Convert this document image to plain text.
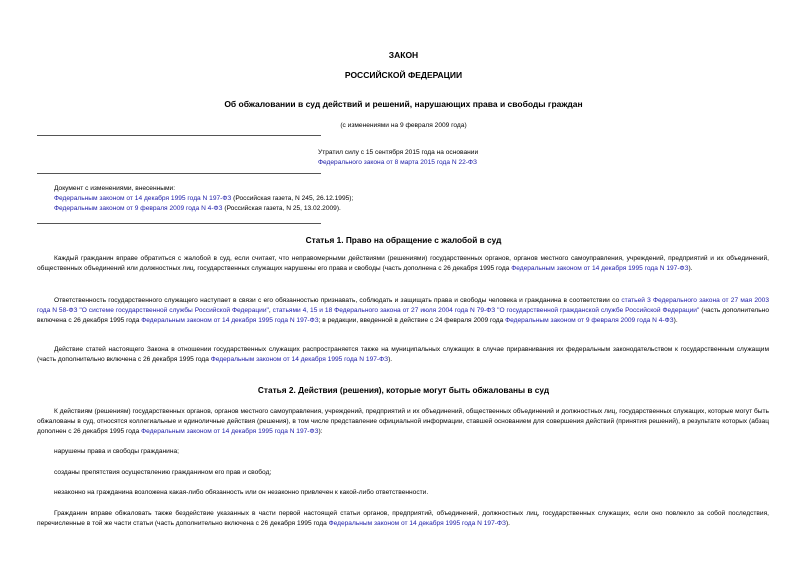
ЗАКОН
РОССИЙСКОЙ ФЕДЕРАЦИИ
Об обжаловании в суд действий и решений, нарушающих права и свободы граждан
(с изменениями на 9 февраля 2009 года)
Утратил силу с 15 сентября 2015 года на основании
Федерального закона от 8 марта 2015 года N 22-ФЗ
Документ с изменениями, внесенными:
Федеральным законом от 14 декабря 1995 года N 197-ФЗ (Российская газета, N 245, 26.12.1995);
Федеральным законом от 9 февраля 2009 года N 4-ФЗ (Российская газета, N 25, 13.02.2009).
Статья 1. Право на обращение с жалобой в суд
Каждый гражданин вправе обратиться с жалобой в суд, если считает, что неправомерными действиями (решениями) государственных органов, органов местного самоуправления, учреждений, предприятий и их объединений, общественных объединений или должностных лиц, государственных служащих нарушены его права и свободы (часть дополнена с 26 декабря 1995 года Федеральным законом от 14 декабря 1995 года N 197-ФЗ).
Ответственность государственного служащего наступает в связи с его обязанностью признавать, соблюдать и защищать права и свободы человека и гражданина в соответствии со статьей 3 Федерального закона от 27 мая 2003 года N 58-ФЗ "О системе государственной службы Российской Федерации", статьями 4, 15 и 18 Федерального закона от 27 июля 2004 года N 79-ФЗ "О государственной гражданской службе Российской Федерации" (часть дополнительно включена с 26 декабря 1995 года Федеральным законом от 14 декабря 1995 года N 197-ФЗ; в редакции, введенной в действие с 24 февраля 2009 года Федеральным законом от 9 февраля 2009 года N 4-ФЗ).
Действие статей настоящего Закона в отношении государственных служащих распространяется также на муниципальных служащих в случае приравнивания их федеральным законодательством к государственным служащим (часть дополнительно включена с 26 декабря 1995 года Федеральным законом от 14 декабря 1995 года N 197-ФЗ).
Статья 2. Действия (решения), которые могут быть обжалованы в суд
К действиям (решениям) государственных органов, органов местного самоуправления, учреждений, предприятий и их объединений, общественных объединений и должностных лиц, государственных служащих, которые могут быть обжалованы в суд, относятся коллегиальные и единоличные действия (решения), в том числе представление официальной информации, ставшей основанием для совершения действий (принятия решений), в результате которых (абзац дополнен с 26 декабря 1995 года Федеральным законом от 14 декабря 1995 года N 197-ФЗ):
нарушены права и свободы гражданина;
созданы препятствия осуществлению гражданином его прав и свобод;
незаконно на гражданина возложена какая-либо обязанность или он незаконно привлечен к какой-либо ответственности.
Гражданин вправе обжаловать также бездействие указанных в части первой настоящей статьи органов, предприятий, объединений, должностных лиц, государственных служащих, если оно повлекло за собой последствия, перечисленные в той же части статьи (часть дополнительно включена с 26 декабря 1995 года Федеральным законом от 14 декабря 1995 года N 197-ФЗ).
